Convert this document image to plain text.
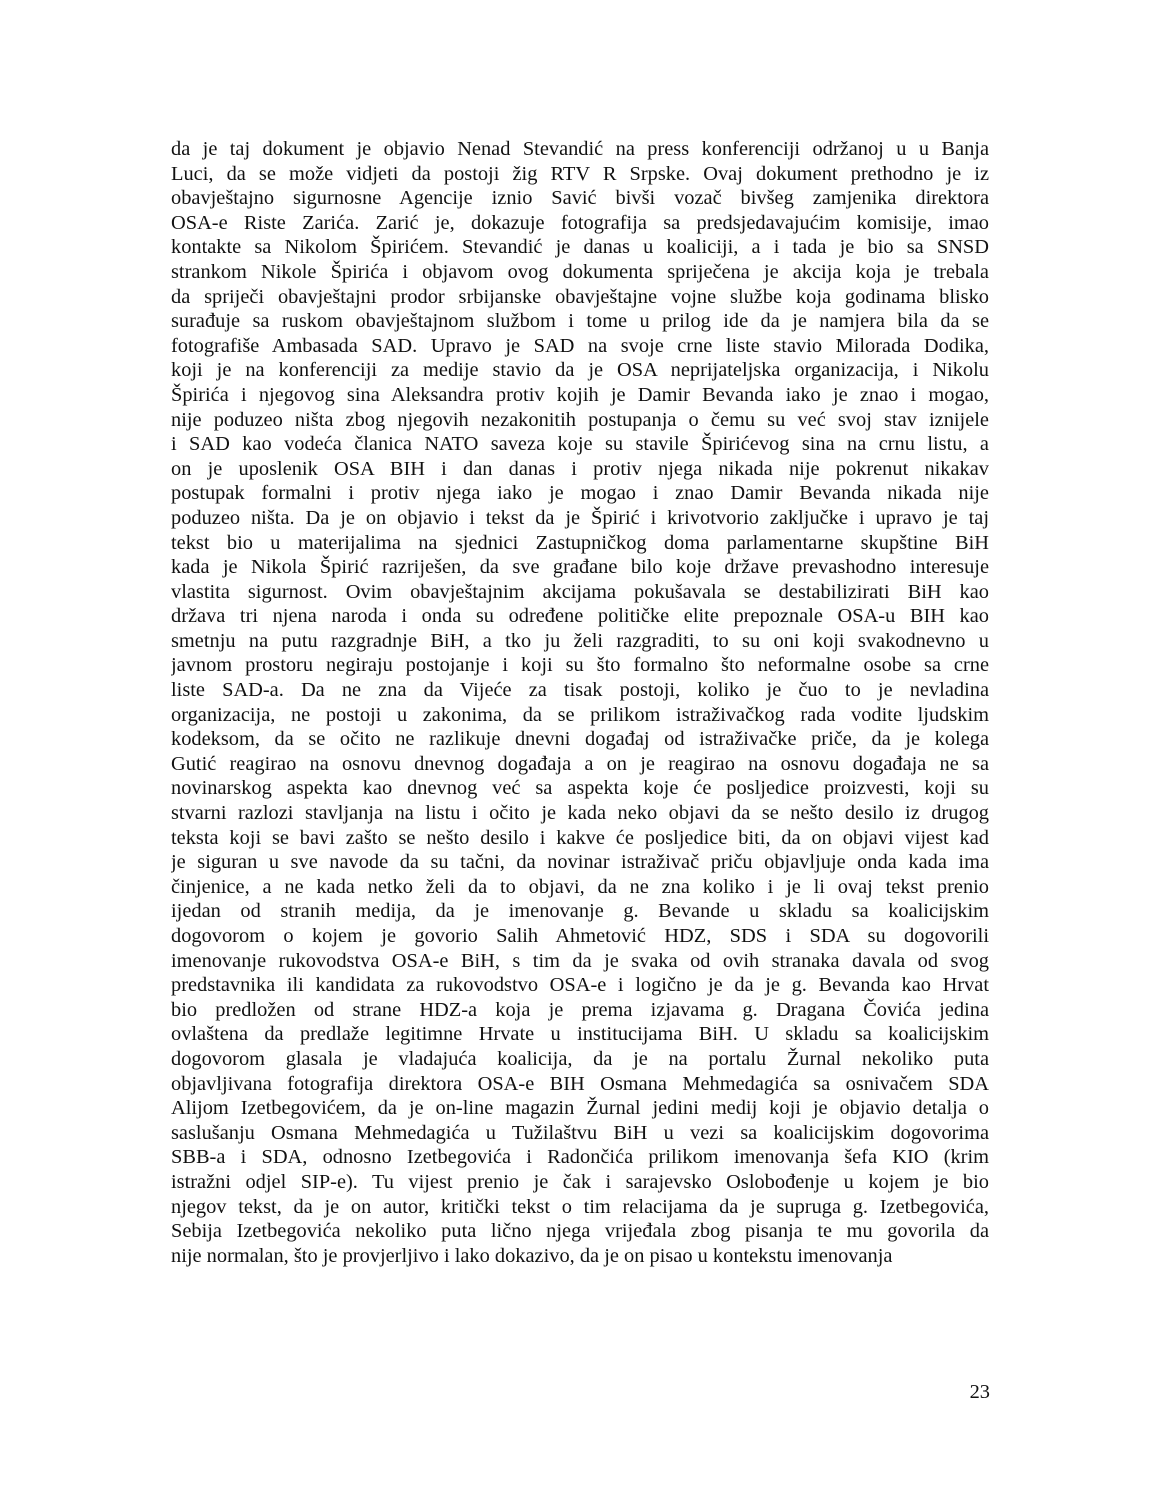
da je taj dokument je objavio Nenad Stevandić na press konferenciji održanoj u u Banja
Luci, da se može vidjeti da postoji žig RTV R Srpske. Ovaj dokument prethodno je iz
obavještajno sigurnosne Agencije iznio Savić bivši vozač bivšeg zamjenika direktora
OSA-e Riste Zarića. Zarić je, dokazuje fotografija sa predsjedavajućim komisije, imao
kontakte sa Nikolom Špirićem. Stevandić je danas u koaliciji, a i tada je bio sa SNSD
strankom Nikole Špirića i objavom ovog dokumenta spriječena je akcija koja je trebala
da spriječi obavještajni prodor srbijanske obavještajne vojne službe koja godinama blisko
surađuje sa ruskom obavještajnom službom i tome u prilog ide da je namjera bila da se
fotografiše Ambasada SAD. Upravo je SAD na svoje crne liste stavio Milorada Dodika,
koji je na konferenciji za medije stavio da je OSA neprijateljska organizacija, i Nikolu
Špirića i njegovog sina Aleksandra protiv kojih je Damir Bevanda iako je znao i mogao,
nije poduzeo ništa zbog njegovih nezakonitih postupanja o čemu su već svoj stav iznijele
i SAD kao vodeća članica NATO saveza koje su stavile Špirićevog sina na crnu listu, a
on je uposlenik OSA BIH i dan danas i protiv njega nikada nije pokrenut nikakav
postupak formalni i protiv njega iako je mogao i znao Damir Bevanda nikada nije
poduzeo ništa. Da je on objavio i tekst da je Špirić i krivotvorio zaključke i upravo je taj
tekst bio u materijalima na sjednici Zastupničkog doma parlamentarne skupštine BiH
kada je Nikola Špirić razriješen, da sve građane bilo koje države prevashodno interesuje
vlastita sigurnost. Ovim obavještajnim akcijama pokušavala se destabilizirati BiH kao
država tri njena naroda i onda su određene političke elite prepoznale OSA-u BIH kao
smetnju na putu razgradnje BiH, a tko ju želi razgraditi, to su oni koji svakodnevno u
javnom prostoru negiraju postojanje i koji su što formalno što neformalne osobe sa crne
liste SAD-a. Da ne zna da Vijeće za tisak postoji, koliko je čuo to je nevladina
organizacija, ne postoji u zakonima, da se prilikom istraživačkog rada vodite ljudskim
kodeksom, da se očito ne razlikuje dnevni događaj od istraživačke priče, da je kolega
Gutić reagirao na osnovu dnevnog događaja a on je reagirao na osnovu događaja ne sa
novinarskog aspekta kao dnevnog već sa aspekta koje će posljedice proizvesti, koji su
stvarni razlozi stavljanja na listu i očito je kada neko objavi da se nešto desilo iz drugog
teksta koji se bavi zašto se nešto desilo i kakve će posljedice biti, da on objavi vijest kad
je siguran u sve navode da su tačni, da novinar istraživač priču objavljuje onda kada ima
činjenice, a ne kada netko želi da to objavi, da ne zna koliko i je li ovaj tekst prenio
ijedan od stranih medija, da je imenovanje g. Bevande u skladu sa koalicijskim
dogovorom o kojem je govorio Salih Ahmetović HDZ, SDS i SDA su dogovorili
imenovanje rukovodstva OSA-e BiH, s tim da je svaka od ovih stranaka davala od svog
predstavnika ili kandidata za rukovodstvo OSA-e i logično je da je g. Bevanda kao Hrvat
bio predložen od strane HDZ-a koja je prema izjavama g. Dragana Čovića jedina
ovlaštena da predlaže legitimne Hrvate u institucijama BiH. U skladu sa koalicijskim
dogovorom glasala je vladajuća koalicija, da je na portalu Žurnal nekoliko puta
objavljivana fotografija direktora OSA-e BIH Osmana Mehmedagića sa osnivačem SDA
Alijom Izetbegovićem, da je on-line magazin Žurnal jedini medij koji je objavio detalja o
saslušanju Osmana Mehmedagića u Tužilaštvu BiH u vezi sa koalicijskim dogovorima
SBB-a i SDA, odnosno Izetbegovića i Radončića prilikom imenovanja šefa KIO (krim
istražni odjel SIP-e). Tu vijest prenio je čak i sarajevsko Oslobođenje u kojem je bio
njegov tekst, da je on autor, kritički tekst o tim relacijama da je supruga g. Izetbegovića,
Sebija Izetbegovića nekoliko puta lično njega vrijeđala zbog pisanja te mu govorila da
nije normalan, što je provjerljivo i lako dokazivo, da je on pisao u kontekstu imenovanja

23
